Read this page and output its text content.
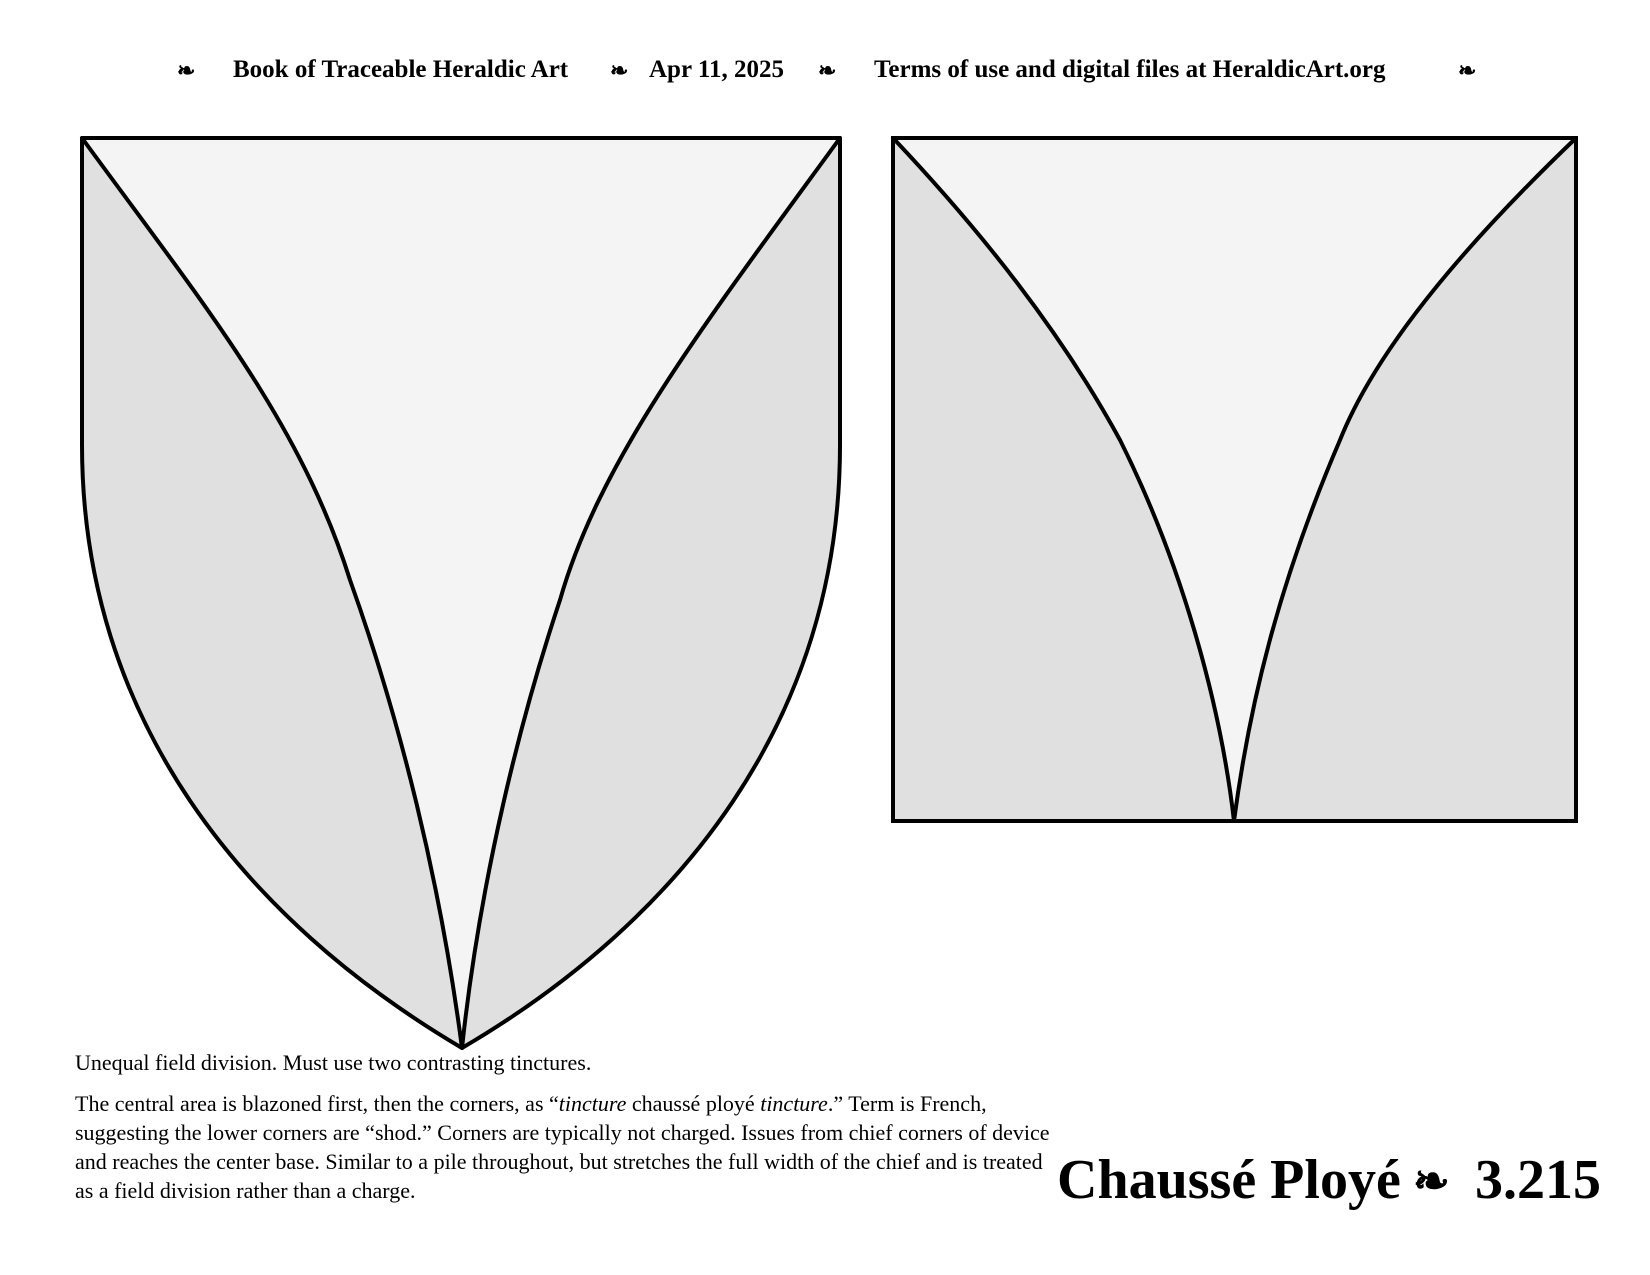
❧ Book of Traceable Heraldic Art ❧ Apr 11, 2025 ❧ Terms of use and digital files at HeraldicArt.org	❧
Unequal field division. Must use two contrasting tinctures.
The central area is blazoned first, then the corners, as “tincture chaussé ployé tincture.” Term is French, suggesting the lower corners are “shod.” Corners are typically not charged. Issues from chief corners of device and reaches the center base. Similar to a pile throughout, but stretches the full width of the chief and is treated as a field division rather than a charge.	Chaussé Ployé ❧ 3.215
